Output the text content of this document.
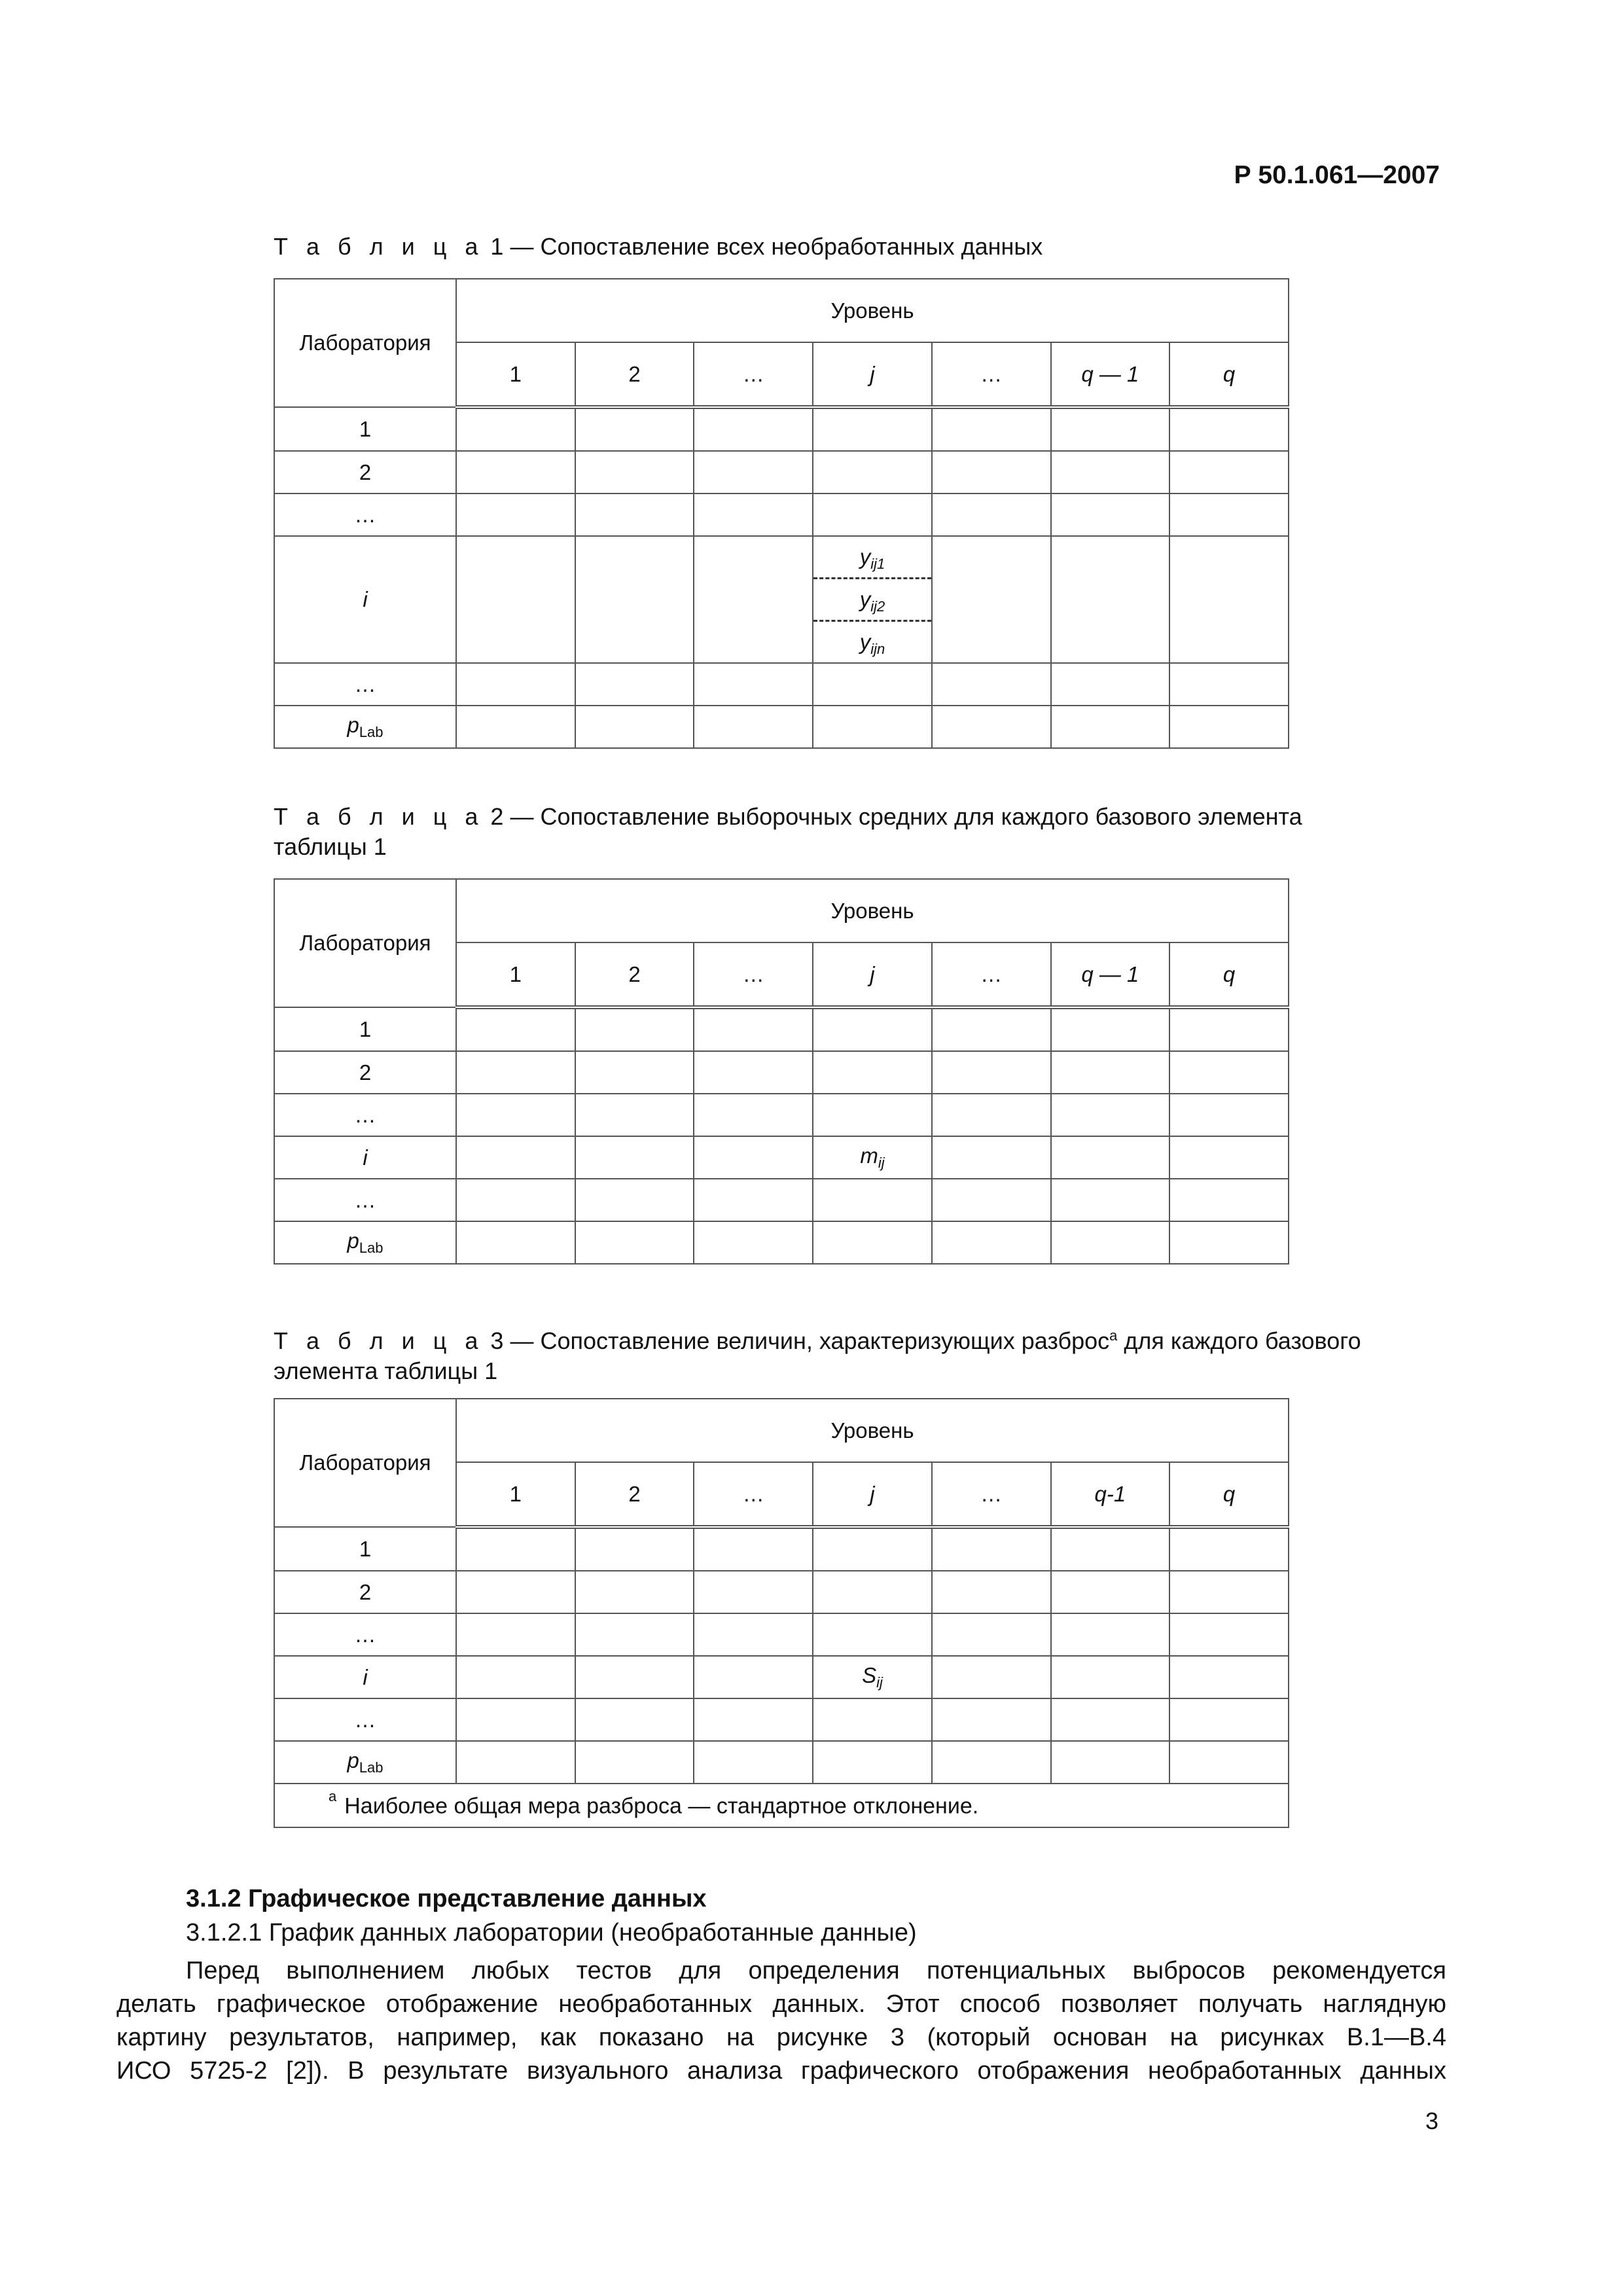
Р 50.1.061—2007
Т а б л и ц а 1 — Сопоставление всех необработанных данных
Лаборатория	Уровень						
	1	2	…	j	…	q — 1	q
1							
2							
…							
i				$y_{ij1}$
$y_{ij2}$
$y_{ijn}$

…							
$p_{Lab}$							
Т а б л и ц а 2 — Сопоставление выборочных средних для каждого базового элемента
таблицы 1
Лаборатория	Уровень						
	1	2	…	j	…	q — 1	q
1							
2							
…							
i				$m_{ij}$			
…							
$p_{Lab}$							
Т а б л и ц а 3 — Сопоставление величин, характеризующих разброс$^a$ для каждого базового
элемента таблицы 1
Лаборатория	Уровень						
	1	2	…	j	…	q-1	q
1							
2							
…							
i				$S_{ij}$			
…							
$p_{Lab}$							
$^a$ Наиболее общая мера разброса — стандартное отклонение.							
3.1.2 Графическое представление данных
3.1.2.1 График данных лаборатории (необработанные данные)
Перед выполнением любых тестов для определения потенциальных выбросов рекомендуется
делать графическое отображение необработанных данных. Этот способ позволяет получать наглядную
картину результатов, например, как показано на рисунке 3 (который основан на рисунках В.1—В.4
ИСО 5725-2 [2]). В результате визуального анализа графического отображения необработанных данных
3
